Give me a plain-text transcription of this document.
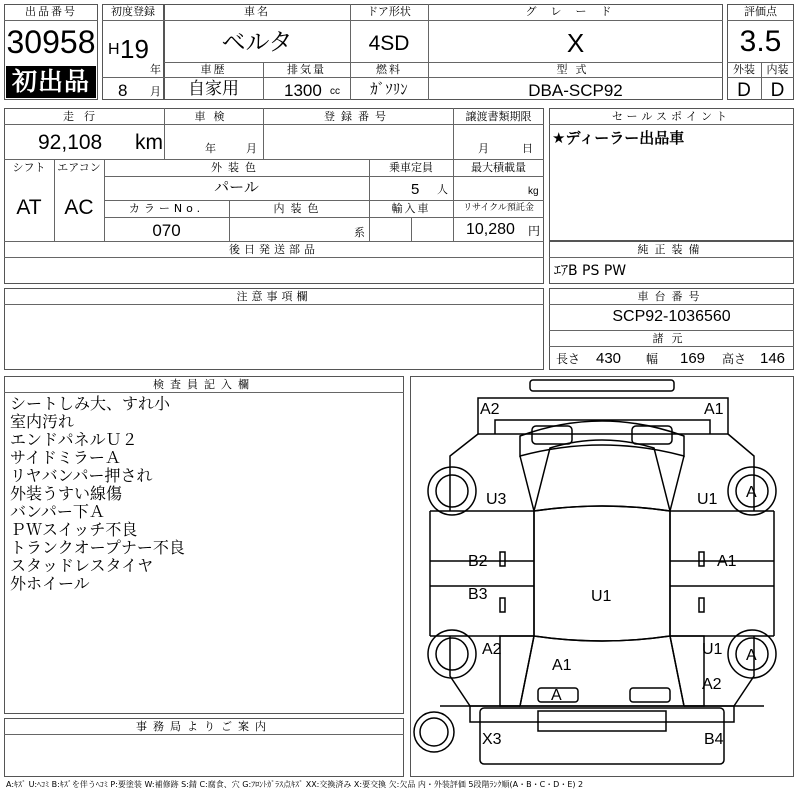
出品番号
30958
初出品
初度登録
H 19
年
8 月
車名
ベルタ
ドア形状
4SD
グレード
X
車歴
自家用
排気量
1300 cc
燃料
ｶﾞｿﾘﾝ
型式
DBA-SCP92
評価点
3.5
外装	内装
D	D
走行
92,108 km
車検
年	月
登録番号	譲渡書類期限
月	日
シフト
AT
エアコン
AC
外装色
パール
乗車定員
5 人
最大積載量
kg
カラーNo.
070
内装色
系
輸入車	リサイクル預託金
10,280 円
後日発送部品
セールスポイント
★ディーラー出品車
純正装備
ｴｱB PS PW
注意事項欄	車台番号
SCP92-1036560
諸元
長さ 430 幅 169 高さ 146
検査員記入欄
シートしみ大、すれ小
室内汚れ
エンドパネルＵ２
サイドミラーＡ
リヤバンパー押され
外装うすい線傷
バンパー下Ａ
ＰＷスイッチ不良
トランクオープナー不良
スタッドレスタイヤ
外ホイール
事務局よりご案内
A2	A1
U3	U1
B2	A1
B3	U1
A2	U1
A1
A
A2
A
A
X3	B4
A:ｷｽﾞ U:ﾍｺﾐ B:ｷｽﾞを伴うﾍｺﾐ P:要塗装 W:補修跡 S:錆 C:腐食、穴 G:ﾌﾛﾝﾄｶﾞﾗｽ点ｷｽﾞ XX:交換済み X:要交換 欠:欠品 内・外装評価 5段階ﾗﾝｸ順(A・B・C・D・E) 2
